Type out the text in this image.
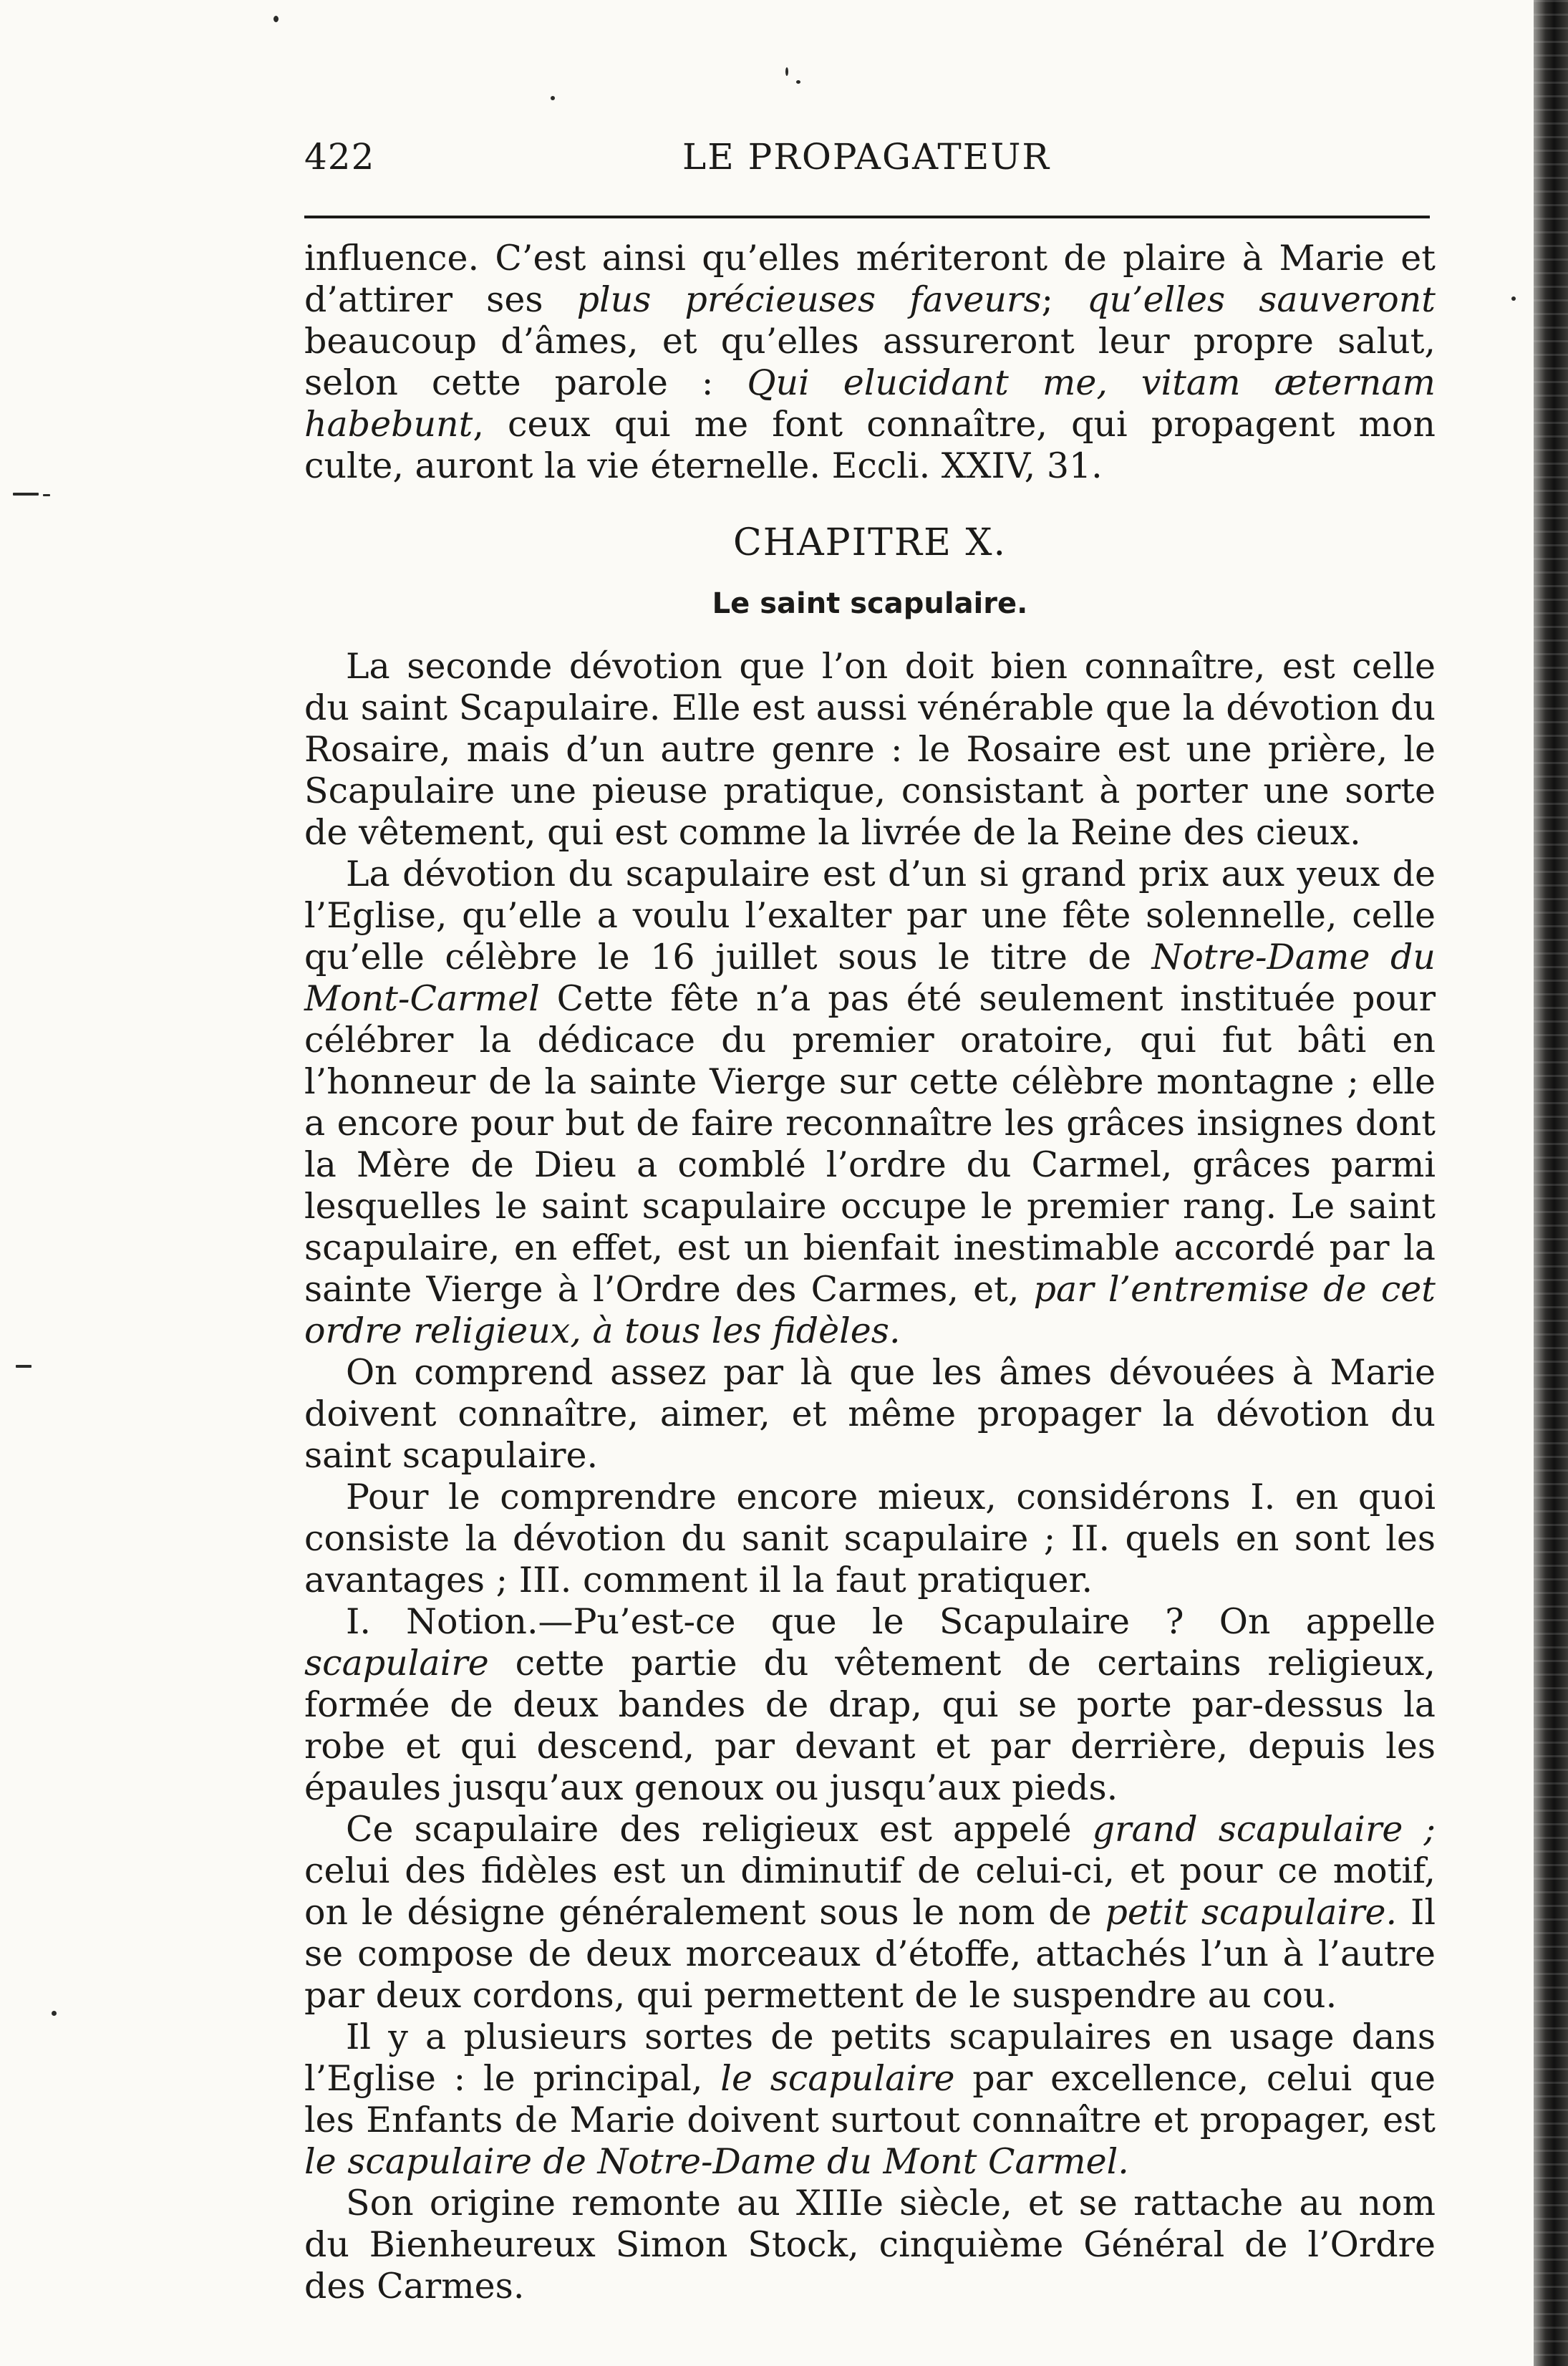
422	LE PROPAGATEUR

influence. C’est ainsi qu’elles mériteront de plaire à Marie et d’attirer ses plus précieuses faveurs; qu’elles sauveront beaucoup d’âmes, et qu’elles assureront leur propre salut, selon cette parole : Qui elucidant me, vitam æternam habebunt, ceux qui me font connaître, qui propagent mon culte, auront la vie éternelle. Eccli. XXIV, 31.

CHAPITRE X.
Le saint scapulaire.

La seconde dévotion que l’on doit bien connaître, est celle du saint Scapulaire. Elle est aussi vénérable que la dévotion du Rosaire, mais d’un autre genre : le Rosaire est une prière, le Scapulaire une pieuse pratique, consistant à porter une sorte de vêtement, qui est comme la livrée de la Reine des cieux.

La dévotion du scapulaire est d’un si grand prix aux yeux de l’Eglise, qu’elle a voulu l’exalter par une fête solennelle, celle qu’elle célèbre le 16 juillet sous le titre de Notre-Dame du Mont-Carmel Cette fête n’a pas été seulement instituée pour célébrer la dédicace du premier oratoire, qui fut bâti en l’honneur de la sainte Vierge sur cette célèbre montagne ; elle a encore pour but de faire reconnaître les grâces insignes dont la Mère de Dieu a comblé l’ordre du Carmel, grâces parmi lesquelles le saint scapulaire occupe le premier rang. Le saint scapulaire, en effet, est un bienfait inestimable accordé par la sainte Vierge à l’Ordre des Carmes, et, par l’entremise de cet ordre religieux, à tous les fidèles.

On comprend assez par là que les âmes dévouées à Marie doivent connaître, aimer, et même propager la dévotion du saint scapulaire.

Pour le comprendre encore mieux, considérons I. en quoi consiste la dévotion du sanit scapulaire ; II. quels en sont les avantages ; III. comment il la faut pratiquer.

I. Notion.—Pu’est-ce que le Scapulaire ? On appelle scapulaire cette partie du vêtement de certains religieux, formée de deux bandes de drap, qui se porte par-dessus la robe et qui descend, par devant et par derrière, depuis les épaules jusqu’aux genoux ou jusqu’aux pieds.

Ce scapulaire des religieux est appelé grand scapulaire ; celui des fidèles est un diminutif de celui-ci, et pour ce motif, on le désigne généralement sous le nom de petit scapulaire. Il se compose de deux morceaux d’étoffe, attachés l’un à l’autre par deux cordons, qui permettent de le suspendre au cou.

Il y a plusieurs sortes de petits scapulaires en usage dans l’Eglise : le principal, le scapulaire par excellence, celui que les Enfants de Marie doivent surtout connaître et propager, est le scapulaire de Notre-Dame du Mont Carmel.

Son origine remonte au XIIIe siècle, et se rattache au nom du Bienheureux Simon Stock, cinquième Général de l’Ordre des Carmes.
